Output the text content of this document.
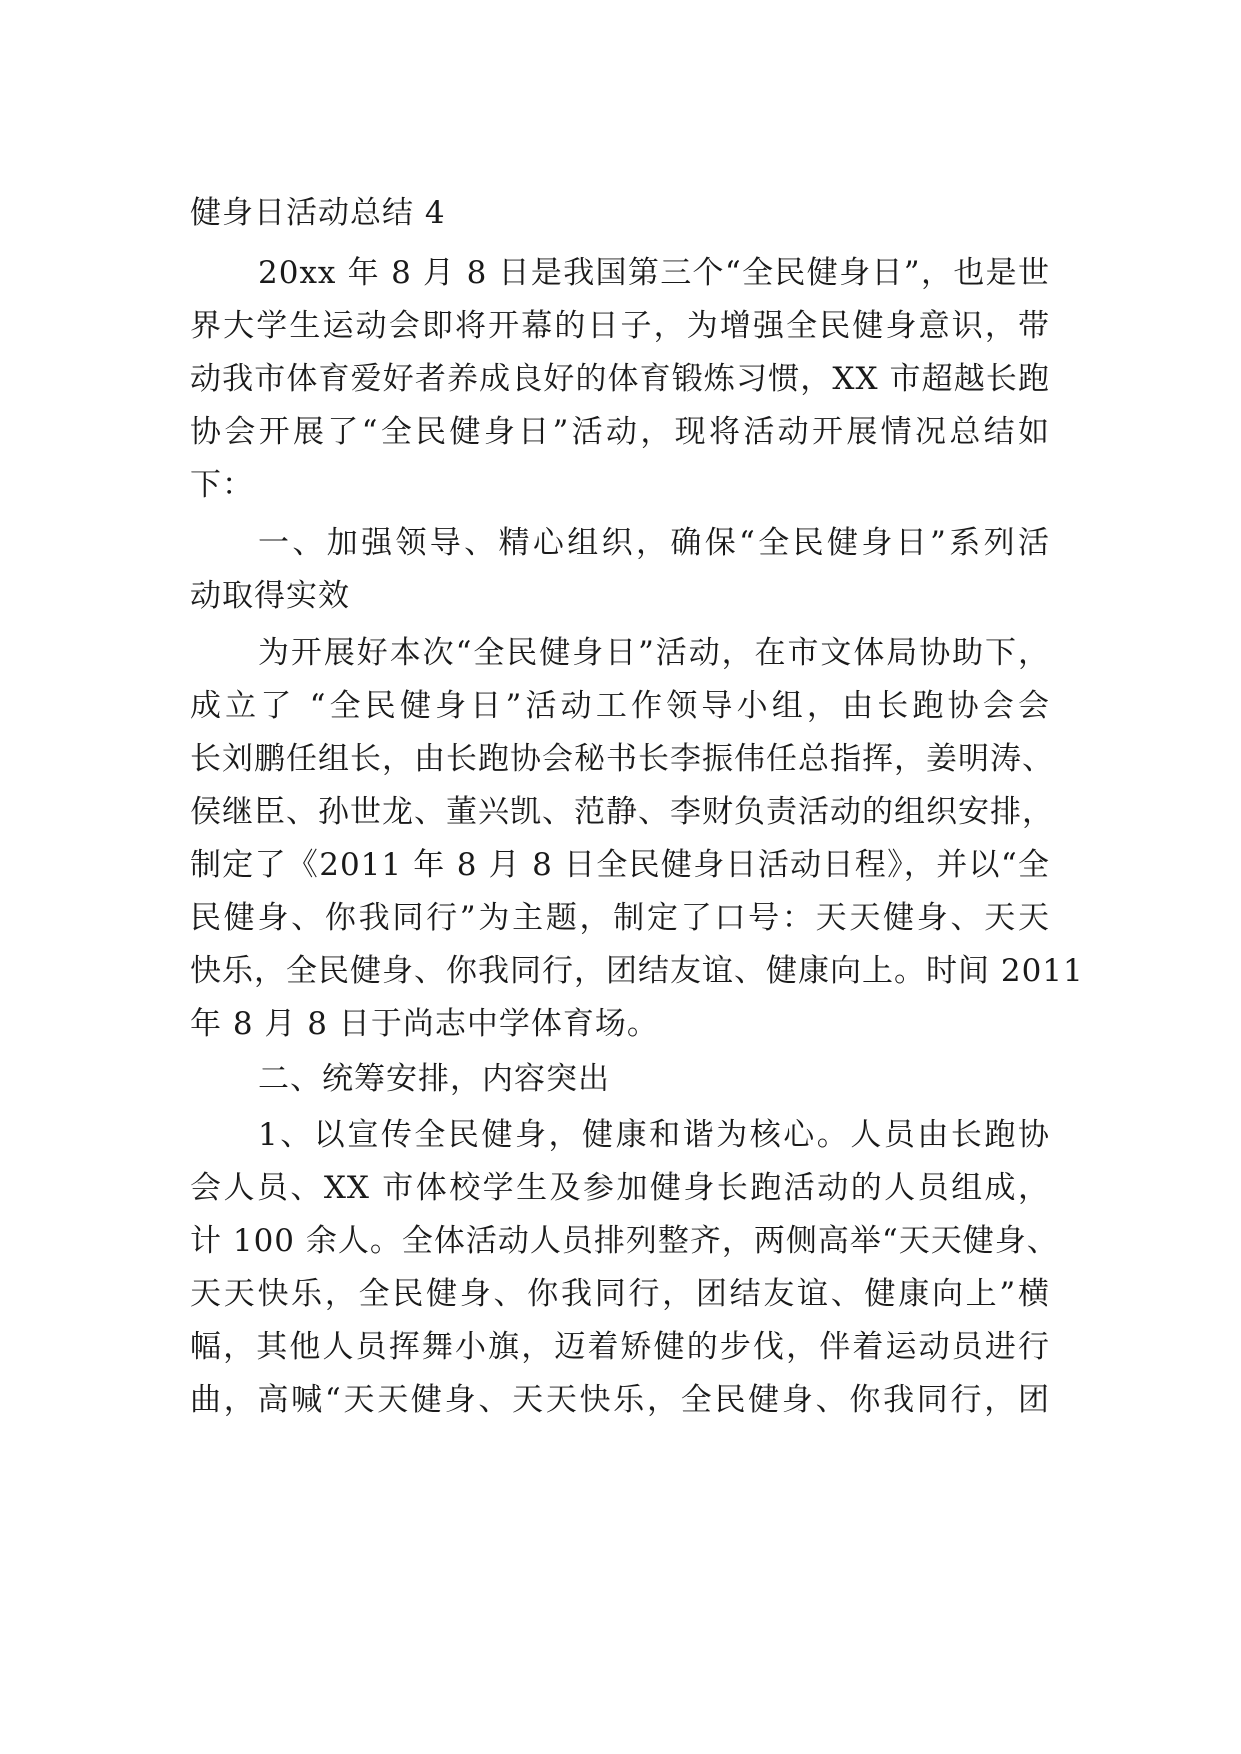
健身日活动总结 4
20xx 年 8 月 8 日是我国第三个“全民健身日”，也是世
界大学生运动会即将开幕的日子，为增强全民健身意识，带
动我市体育爱好者养成良好的体育锻炼习惯，XX 市超越长跑
协会开展了“全民健身日”活动，现将活动开展情况总结如
下：
一、加强领导、精心组织，确保“全民健身日”系列活
动取得实效
为开展好本次“全民健身日”活动，在市文体局协助下，
成立了 “全民健身日”活动工作领导小组，由长跑协会会
长刘鹏任组长，由长跑协会秘书长李振伟任总指挥，姜明涛、
侯继臣、孙世龙、董兴凯、范静、李财负责活动的组织安排，
制定了《2011 年 8 月 8 日全民健身日活动日程》，并以“全
民健身、你我同行”为主题，制定了口号：天天健身、天天
快乐，全民健身、你我同行，团结友谊、健康向上。时间 2011
年 8 月 8 日于尚志中学体育场。
二、统筹安排，内容突出
1、以宣传全民健身，健康和谐为核心。人员由长跑协
会人员、XX 市体校学生及参加健身长跑活动的人员组成，
计 100 余人。全体活动人员排列整齐，两侧高举“天天健身、
天天快乐，全民健身、你我同行，团结友谊、健康向上”横
幅，其他人员挥舞小旗，迈着矫健的步伐，伴着运动员进行
曲，高喊“天天健身、天天快乐，全民健身、你我同行，团
